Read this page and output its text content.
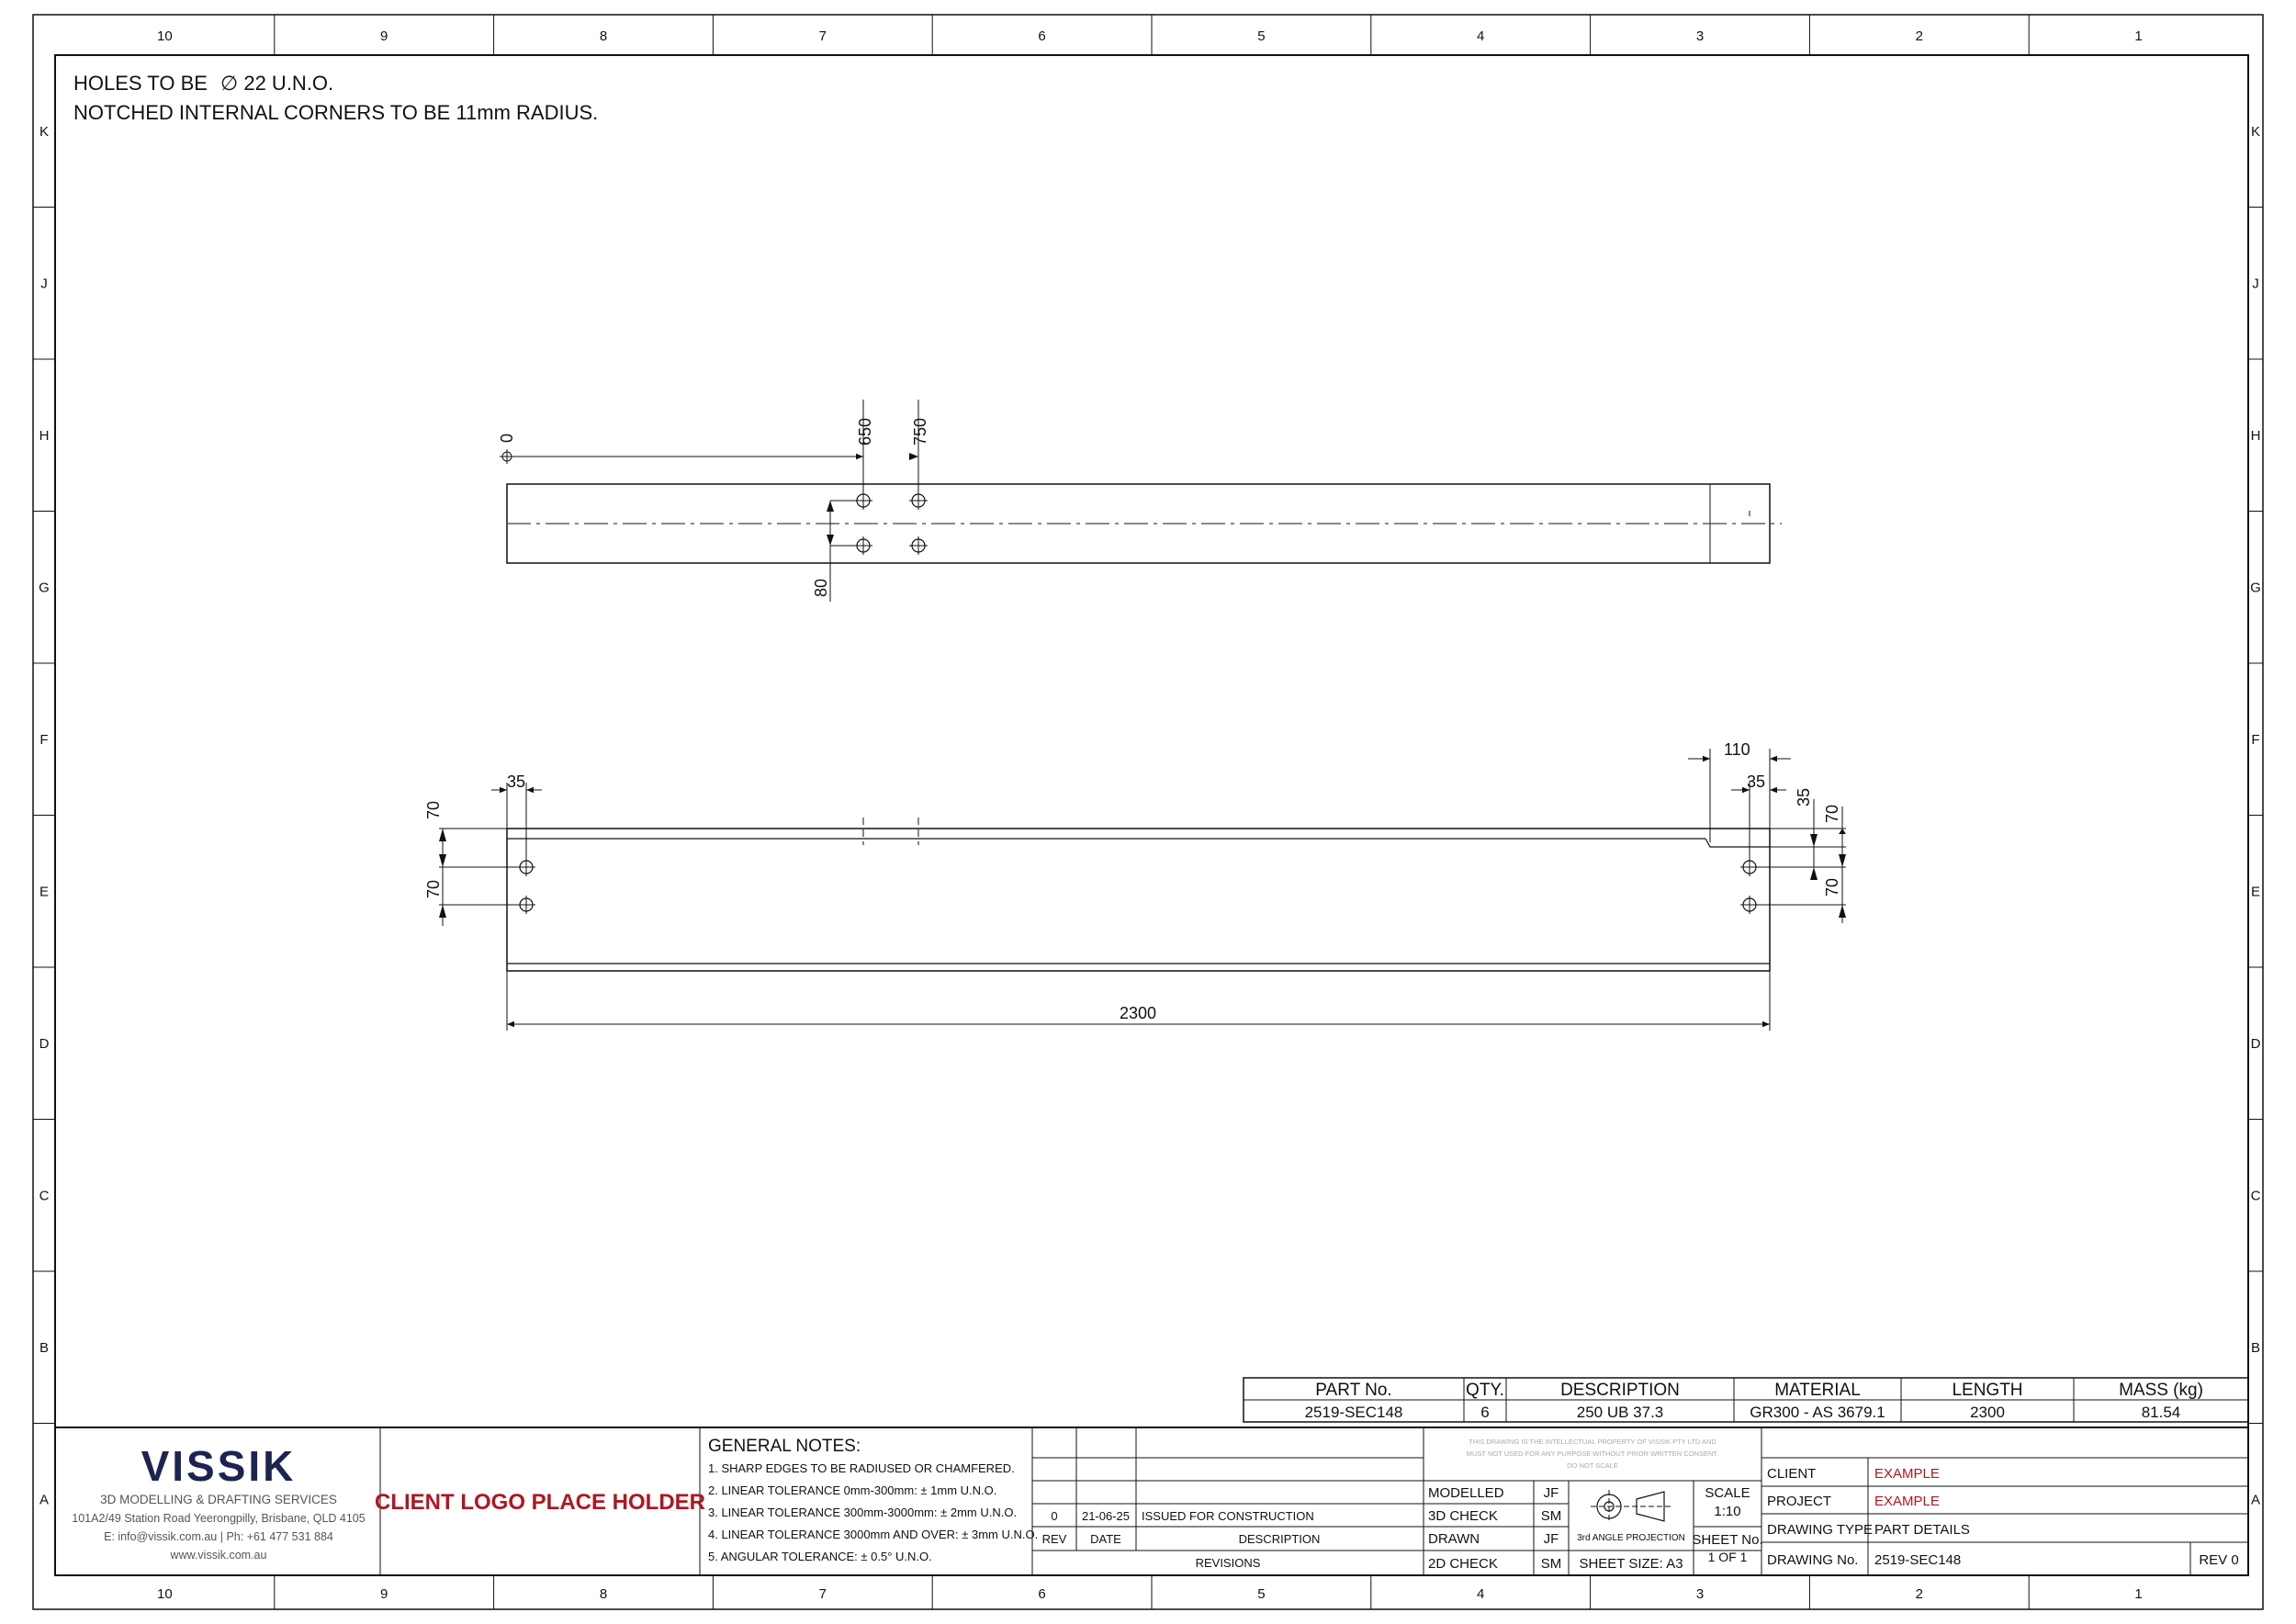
10
10
9
9
8
8
7
7
6
6
5
5
4
4
3
3
2
2
1
1
K	K
J	J
H	H
G	G
F	F
E	E
D	D
C	C
B	B
A	A
0	650 750
80
35
70
70
110
35
35
70
70
2300
PART No.	QTY.	DESCRIPTION	MATERIAL	LENGTH	MASS (kg)
2519-SEC148	6	250 UB 37.3	GR300 - AS 3679.1	2300	81.54
VISSIK
3D MODELLING & DRAFTING SERVICES
101A2/49 Station Road Yeerongpilly, Brisbane, QLD 4105
E: info@vissik.com.au | Ph: +61 477 531 884
www.vissik.com.au
CLIENT LOGO PLACE HOLDER
GENERAL NOTES:
1. SHARP EDGES TO BE RADIUSED OR CHAMFERED.
2. LINEAR TOLERANCE 0mm-300mm: ± 1mm U.N.O.
3. LINEAR TOLERANCE 300mm-3000mm: ± 2mm U.N.O.
4. LINEAR TOLERANCE 3000mm AND OVER: ± 3mm U.N.O.
5. ANGULAR TOLERANCE: ± 0.5° U.N.O.
0 21-06-25 ISSUED FOR CONSTRUCTION
REV DATE	DESCRIPTION
REVISIONS
THIS DRAWING IS THE INTELLECTUAL PROPERTY OF VISSIK PTY LTD AND
MUST NOT USED FOR ANY PURPOSE WITHOUT PRIOR WRITTEN CONSENT.
DO NOT SCALE
MODELLED	JF
3D CHECK	SM
DRAWN	JF
2D CHECK	SM
3rd ANGLE PROJECTION
SHEET SIZE: A3
SCALE
1:10
SHEET No.
1 OF 1
CLIENT	EXAMPLE
PROJECT	EXAMPLE
DRAWING TYPE PART DETAILS
DRAWING No. 2519-SEC148	REV 0
HOLES TO BE ∅ 22 U.N.O.
NOTCHED INTERNAL CORNERS TO BE 11mm RADIUS.
